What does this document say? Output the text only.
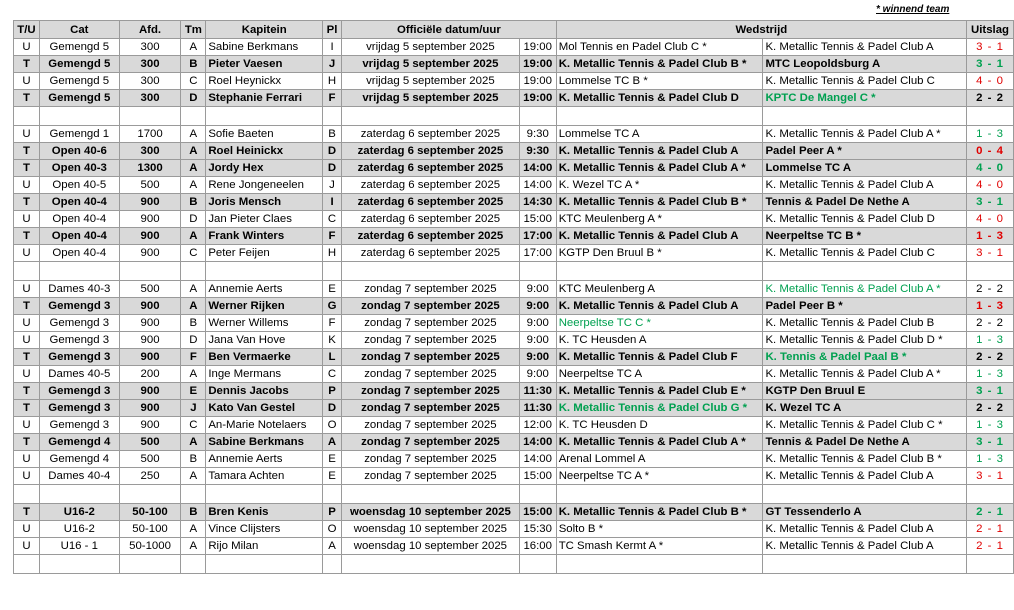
* winnend team
T/U	Cat	Afd.	Tm	Kapitein	Pl	Officiële datum/uur		Wedstrijd		Uitslag
U	Gemengd 5	300	A	Sabine Berkmans	I	vrijdag 5 september 2025	19:00	Mol Tennis en Padel Club C *	K. Metallic Tennis & Padel Club A	3 - 1
T	Gemengd 5	300	B	Pieter Vaesen	J	vrijdag 5 september 2025	19:00	K. Metallic Tennis & Padel Club B *	MTC Leopoldsburg A	3 - 1
U	Gemengd 5	300	C	Roel Heynickx	H	vrijdag 5 september 2025	19:00	Lommelse TC B *	K. Metallic Tennis & Padel Club C	4 - 0
T	Gemengd 5	300	D	Stephanie Ferrari	F	vrijdag 5 september 2025	19:00	K. Metallic Tennis & Padel Club D	KPTC De Mangel C *	2 - 2

U	Gemengd 1	1700	A	Sofie Baeten	B	zaterdag 6 september 2025	9:30	Lommelse TC A	K. Metallic Tennis & Padel Club A *	1 - 3
T	Open 40-6	300	A	Roel Heinickx	D	zaterdag 6 september 2025	9:30	K. Metallic Tennis & Padel Club A	Padel Peer A *	0 - 4
T	Open 40-3	1300	A	Jordy Hex	D	zaterdag 6 september 2025	14:00	K. Metallic Tennis & Padel Club A *	Lommelse TC A	4 - 0
U	Open 40-5	500	A	Rene Jongeneelen	J	zaterdag 6 september 2025	14:00	K. Wezel TC A *	K. Metallic Tennis & Padel Club A	4 - 0
T	Open 40-4	900	B	Joris Mensch	I	zaterdag 6 september 2025	14:30	K. Metallic Tennis & Padel Club B *	Tennis & Padel De Nethe A	3 - 1
U	Open 40-4	900	D	Jan Pieter Claes	C	zaterdag 6 september 2025	15:00	KTC Meulenberg A *	K. Metallic Tennis & Padel Club D	4 - 0
T	Open 40-4	900	A	Frank Winters	F	zaterdag 6 september 2025	17:00	K. Metallic Tennis & Padel Club A	Neerpeltse TC B *	1 - 3
U	Open 40-4	900	C	Peter Feijen	H	zaterdag 6 september 2025	17:00	KGTP Den Bruul B *	K. Metallic Tennis & Padel Club C	3 - 1

U	Dames 40-3	500	A	Annemie Aerts	E	zondag 7 september 2025	9:00	KTC Meulenberg A	K. Metallic Tennis & Padel Club A *	2 - 2
T	Gemengd 3	900	A	Werner Rijken	G	zondag 7 september 2025	9:00	K. Metallic Tennis & Padel Club A	Padel Peer B *	1 - 3
U	Gemengd 3	900	B	Werner Willems	F	zondag 7 september 2025	9:00	Neerpeltse TC C *	K. Metallic Tennis & Padel Club B	2 - 2
U	Gemengd 3	900	D	Jana Van Hove	K	zondag 7 september 2025	9:00	K. TC Heusden A	K. Metallic Tennis & Padel Club D *	1 - 3
T	Gemengd 3	900	F	Ben Vermaerke	L	zondag 7 september 2025	9:00	K. Metallic Tennis & Padel Club F	K. Tennis & Padel Paal B *	2 - 2
U	Dames 40-5	200	A	Inge Mermans	C	zondag 7 september 2025	9:00	Neerpeltse TC A	K. Metallic Tennis & Padel Club A *	1 - 3
T	Gemengd 3	900	E	Dennis Jacobs	P	zondag 7 september 2025	11:30	K. Metallic Tennis & Padel Club E *	KGTP Den Bruul E	3 - 1
T	Gemengd 3	900	J	Kato Van Gestel	D	zondag 7 september 2025	11:30	K. Metallic Tennis & Padel Club G *	K. Wezel TC A	2 - 2
U	Gemengd 3	900	C	An-Marie Notelaers	O	zondag 7 september 2025	12:00	K. TC Heusden D	K. Metallic Tennis & Padel Club C *	1 - 3
T	Gemengd 4	500	A	Sabine Berkmans	A	zondag 7 september 2025	14:00	K. Metallic Tennis & Padel Club A *	Tennis & Padel De Nethe A	3 - 1
U	Gemengd 4	500	B	Annemie Aerts	E	zondag 7 september 2025	14:00	Arenal Lommel A	K. Metallic Tennis & Padel Club B *	1 - 3
U	Dames 40-4	250	A	Tamara Achten	E	zondag 7 september 2025	15:00	Neerpeltse TC A *	K. Metallic Tennis & Padel Club A	3 - 1

T	U16-2	50-100	B	Bren Kenis	P	woensdag 10 september 2025	15:00	K. Metallic Tennis & Padel Club B *	GT Tessenderlo A	2 - 1
U	U16-2	50-100	A	Vince Clijsters	O	woensdag 10 september 2025	15:30	Solto B *	K. Metallic Tennis & Padel Club A	2 - 1
U	U16 - 1	50-1000	A	Rijo Milan	A	woensdag 10 september 2025	16:00	TC Smash Kermt A *	K. Metallic Tennis & Padel Club A	2 - 1
